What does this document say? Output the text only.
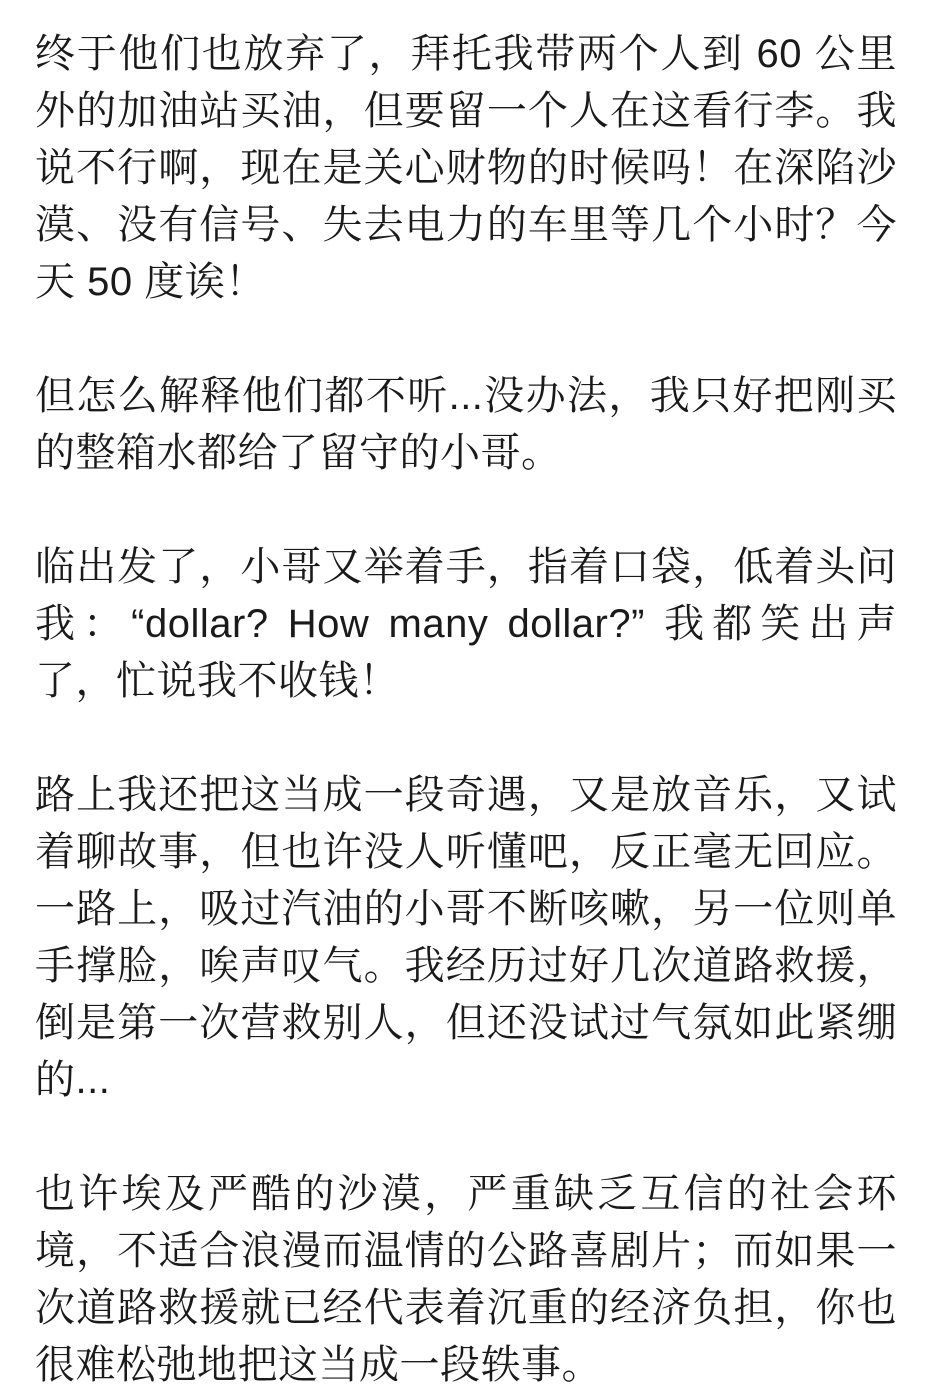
终于他们也放弃了，拜托我带两个人到 60 公里外的加油站买油，但要留一个人在这看行李。我说不行啊，现在是关心财物的时候吗！在深陷沙漠、没有信号、失去电力的车里等几个小时？今天 50 度诶！

但怎么解释他们都不听...没办法，我只好把刚买的整箱水都给了留守的小哥。

临出发了，小哥又举着手，指着口袋，低着头问我：“dollar? How many dollar?” 我都笑出声了，忙说我不收钱！

路上我还把这当成一段奇遇，又是放音乐，又试着聊故事，但也许没人听懂吧，反正毫无回应。一路上，吸过汽油的小哥不断咳嗽，另一位则单手撑脸，唉声叹气。我经历过好几次道路救援，倒是第一次营救别人，但还没试过气氛如此紧绷的...

也许埃及严酷的沙漠，严重缺乏互信的社会环境，不适合浪漫而温情的公路喜剧片；而如果一次道路救援就已经代表着沉重的经济负担，你也很难松弛地把这当成一段轶事。
